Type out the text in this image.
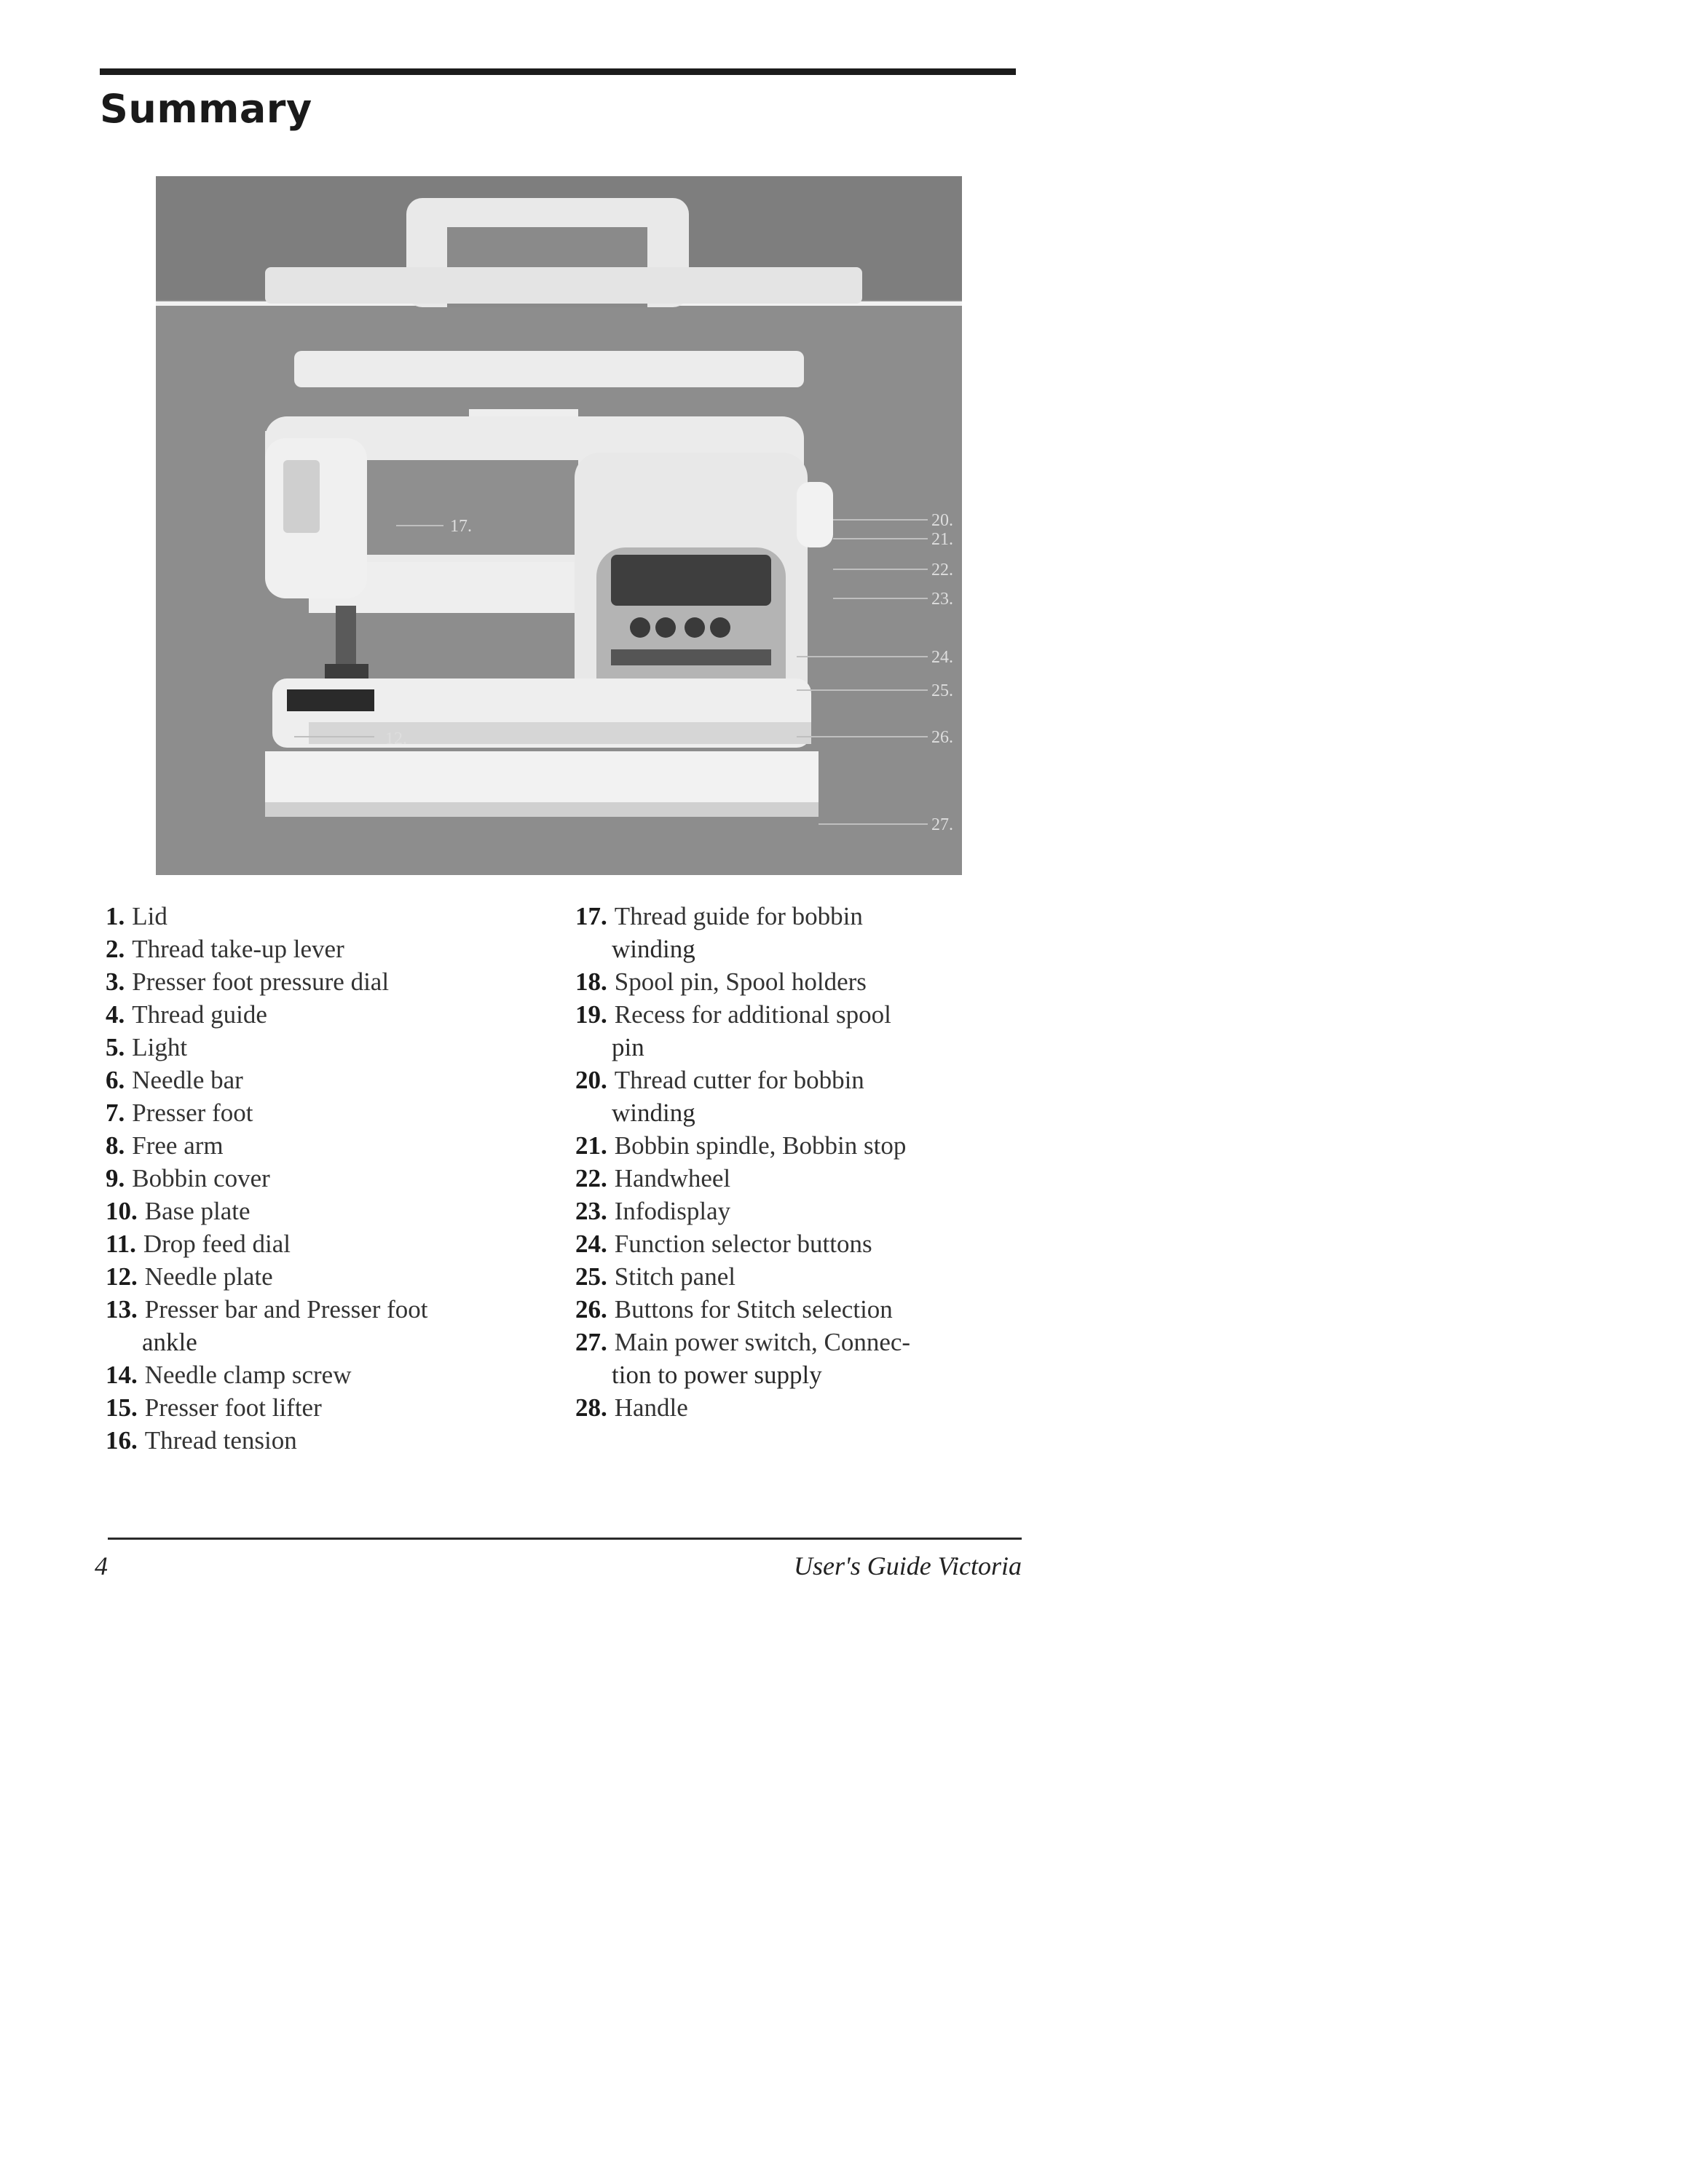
Summary
17.
12.
20.
21.
22.
23.
24.
25.
26.
27.
1. Lid
2. Thread take-up lever
3. Presser foot pressure dial
4. Thread guide
5. Light
6. Needle bar
7. Presser foot
8. Free arm
9. Bobbin cover
10. Base plate
11. Drop feed dial
12. Needle plate
13. Presser bar and Presser foot
ankle
14. Needle clamp screw
15. Presser foot lifter
16. Thread tension
17. Thread guide for bobbin
winding
18. Spool pin, Spool holders
19. Recess for additional spool
pin
20. Thread cutter for bobbin
winding
21. Bobbin spindle, Bobbin stop
22. Handwheel
23. Infodisplay
24. Function selector buttons
25. Stitch panel
26. Buttons for Stitch selection
27. Main power switch, Connec-
tion to power supply
28. Handle
4	User's Guide Victoria
